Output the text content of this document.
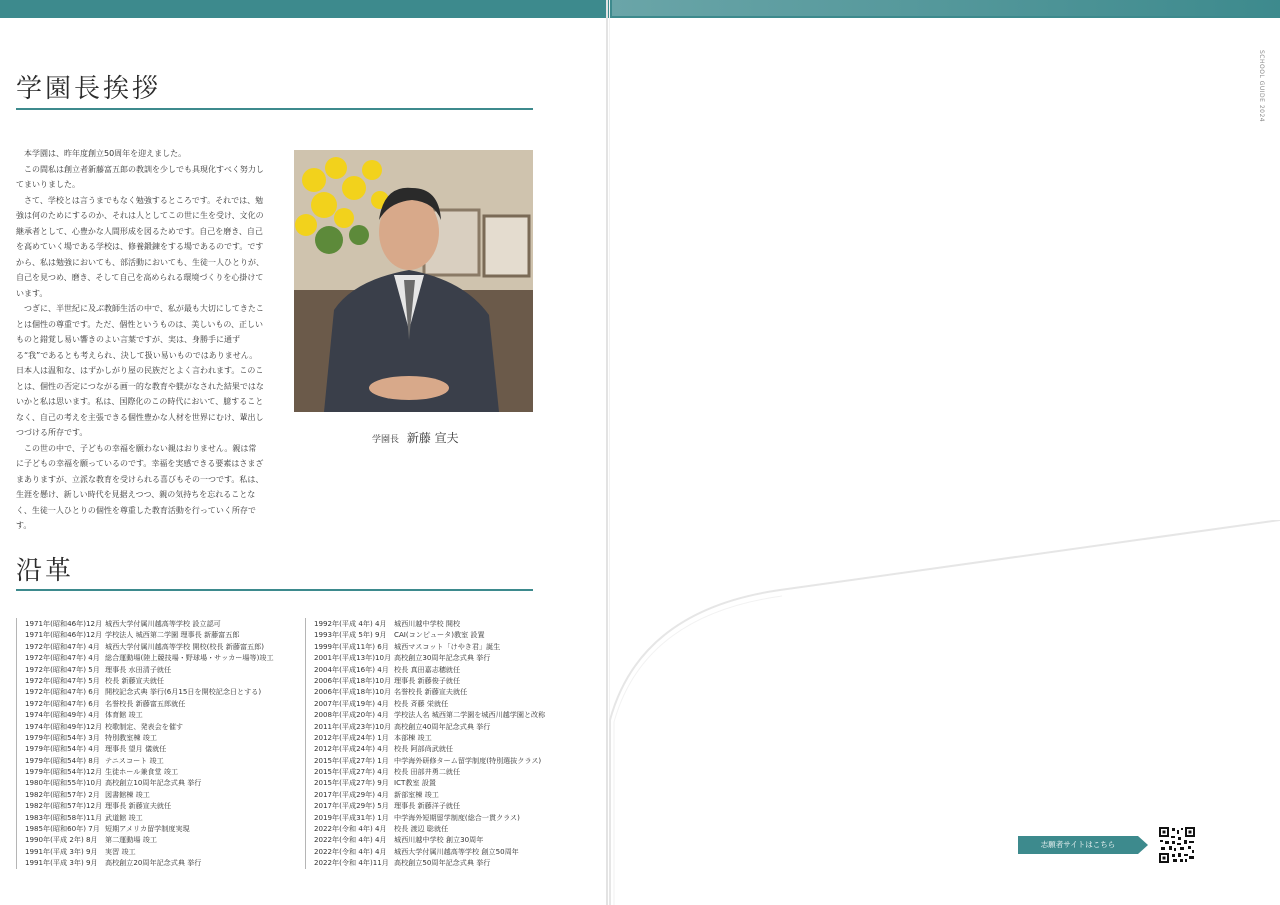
学園長挨拶

本学園は、昨年度創立50周年を迎えました。

この間私は創立者新藤富五郎の教訓を少しでも具現化すべく努力してまいりました。

さて、学校とは言うまでもなく勉強するところです。それでは、勉強は何のためにするのか、それは人としてこの世に生を受け、文化の継承者として、心豊かな人間形成を図るためです。自己を磨き、自己を高めていく場である学校は、修養鍛錬をする場であるのです。ですから、私は勉強においても、部活動においても、生徒一人ひとりが、自己を見つめ、磨き、そして自己を高められる環境づくりを心掛けています。

つぎに、半世紀に及ぶ教師生活の中で、私が最も大切にしてきたことは個性の尊重です。ただ、個性というものは、美しいもの、正しいものと錯覚し易い響きのよい言葉ですが、実は、身勝手に通ずる“我”であるとも考えられ、決して扱い易いものではありません。日本人は温和な、はずかしがり屋の民族だとよく言われます。このことは、個性の否定につながる画一的な教育や躾がなされた結果ではないかと私は思います。私は、国際化のこの時代において、臆することなく、自己の考えを主張できる個性豊かな人材を世界にむけ、輩出しつづける所存です。

この世の中で、子どもの幸福を願わない親はおりません。親は常に子どもの幸福を願っているのです。幸福を実感できる要素はさまざまありますが、立派な教育を受けられる喜びもその一つです。私は、生涯を懸け、新しい時代を見据えつつ、親の気持ちを忘れることなく、生徒一人ひとりの個性を尊重した教育活動を行っていく所存です。

学園長 新藤 宣夫
沿革
1971年(昭和46年)12月 城西大学付属川越高等学校 設立認可
1971年(昭和46年)12月 学校法人 城西第二学園 理事長 新藤富五郎
1972年(昭和47年) 4月 城西大学付属川越高等学校 開校(校長 新藤富五郎)
1972年(昭和47年) 4月 総合運動場(陸上競技場・野球場・サッカー場等)竣工
1972年(昭和47年) 5月 理事長 水田清子就任
1972年(昭和47年) 5月 校長 新藤宣夫就任
1972年(昭和47年) 6月 開校記念式典 挙行(6月15日を開校記念日とする)
1972年(昭和47年) 6月 名誉校長 新藤富五郎就任
1974年(昭和49年) 4月 体育館 竣工
1974年(昭和49年)12月 校歌制定、発表会を催す
1979年(昭和54年) 3月 特別教室棟 竣工
1979年(昭和54年) 4月 理事長 望月 儀就任
1979年(昭和54年) 8月 テニスコート 竣工
1979年(昭和54年)12月 生徒ホール兼食堂 竣工
1980年(昭和55年)10月 高校創立10周年記念式典 挙行
1982年(昭和57年) 2月 図書館棟 竣工
1982年(昭和57年)12月 理事長 新藤宣夫就任
1983年(昭和58年)11月 武道館 竣工
1985年(昭和60年) 7月 短期アメリカ留学制度実現
1990年(平成 2年) 8月 第二運動場 竣工
1991年(平成 3年) 9月 実習 竣工
1991年(平成 3年) 9月 高校創立20周年記念式典 挙行
1992年(平成 4年) 4月 城西川越中学校 開校
1993年(平成 5年) 9月 CAI(コンピュータ)教室 設置
1999年(平成11年) 6月 城西マスコット「けやき君」誕生
2001年(平成13年)10月 高校創立30周年記念式典 挙行
2004年(平成16年) 4月 校長 真田嘉志穂就任
2006年(平成18年)10月 理事長 新藤俊子就任
2006年(平成18年)10月 名誉校長 新藤宣夫就任
2007年(平成19年) 4月 校長 斉藤 栄就任
2008年(平成20年) 4月 学校法人名 城西第二学園を城西川越学園と改称
2011年(平成23年)10月 高校創立40周年記念式典 挙行
2012年(平成24年) 1月 本部棟 竣工
2012年(平成24年) 4月 校長 阿部尚武就任
2015年(平成27年) 1月 中学海外研修ターム留学制度(特別選抜クラス)
2015年(平成27年) 4月 校長 田部井勇二就任
2015年(平成27年) 9月 ICT教室 設置
2017年(平成29年) 4月 新部室棟 竣工
2017年(平成29年) 5月 理事長 新藤洋子就任
2019年(平成31年) 1月 中学海外短期留学制度(総合一貫クラス)
2022年(令和 4年) 4月 校長 渡辺 聡就任
2022年(令和 4年) 4月 城西川越中学校 創立30周年
2022年(令和 4年) 4月 城西大学付属川越高等学校 創立50周年
2022年(令和 4年)11月 高校創立50周年記念式典 挙行
SCHOOL GUIDE 2024
志願者サイトはこちら
